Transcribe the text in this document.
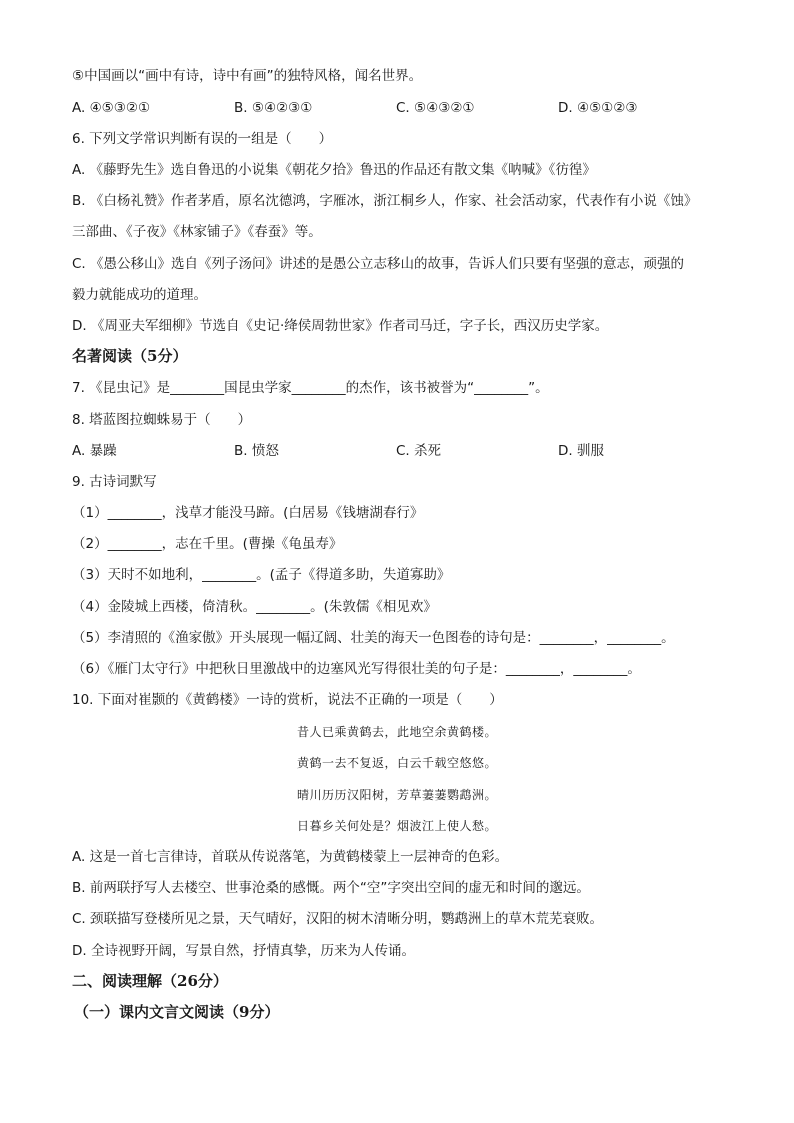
⑤中国画以“画中有诗，诗中有画”的独特风格，闻名世界。
A. ④⑤③②①	B. ⑤④②③①	C. ⑤④③②①	D. ④⑤①②③
6. 下列文学常识判断有误的一组是（　　）
A. 《藤野先生》选自鲁迅的小说集《朝花夕拾》鲁迅的作品还有散文集《呐喊》《彷徨》
B. 《白杨礼赞》作者茅盾，原名沈德鸿，字雁冰，浙江桐乡人，作家、社会活动家，代表作有小说《蚀》
三部曲、《子夜》《林家铺子》《春蚕》等。
C. 《愚公移山》选自《列子汤问》讲述的是愚公立志移山的故事，告诉人们只要有坚强的意志，顽强的
毅力就能成功的道理。
D. 《周亚夫军细柳》节选自《史记·绛侯周勃世家》作者司马迁，字子长，西汉历史学家。
名著阅读（5分）
7. 《昆虫记》是________国昆虫学家________的杰作，该书被誉为“________”。
8. 塔蓝图拉蜘蛛易于（　　）
A. 暴躁	B. 愤怒	C. 杀死	D. 驯服
9. 古诗词默写
（1）________，浅草才能没马蹄。(白居易《钱塘湖春行》
（2）________，志在千里。(曹操《龟虽寿》
（3）天时不如地利，________。(孟子《得道多助，失道寡助》
（4）金陵城上西楼，倚清秋。________。(朱敦儒《相见欢》
（5）李清照的《渔家傲》开头展现一幅辽阔、壮美的海天一色图卷的诗句是：________，________。
（6）《雁门太守行》中把秋日里激战中的边塞风光写得很壮美的句子是：________，________。
10. 下面对崔颢的《黄鹤楼》一诗的赏析，说法不正确的一项是（　　）
昔人已乘黄鹤去，此地空余黄鹤楼。
黄鹤一去不复返，白云千载空悠悠。
晴川历历汉阳树，芳草萋萋鹦鹉洲。
日暮乡关何处是？烟波江上使人愁。
A. 这是一首七言律诗，首联从传说落笔，为黄鹤楼蒙上一层神奇的色彩。
B. 前两联抒写人去楼空、世事沧桑的感慨。两个“空”字突出空间的虚无和时间的邈远。
C. 颈联描写登楼所见之景，天气晴好，汉阳的树木清晰分明，鹦鹉洲上的草木荒芜衰败。
D. 全诗视野开阔，写景自然，抒情真挚，历来为人传诵。
二、阅读理解（26分）
（一）课内文言文阅读（9分）
